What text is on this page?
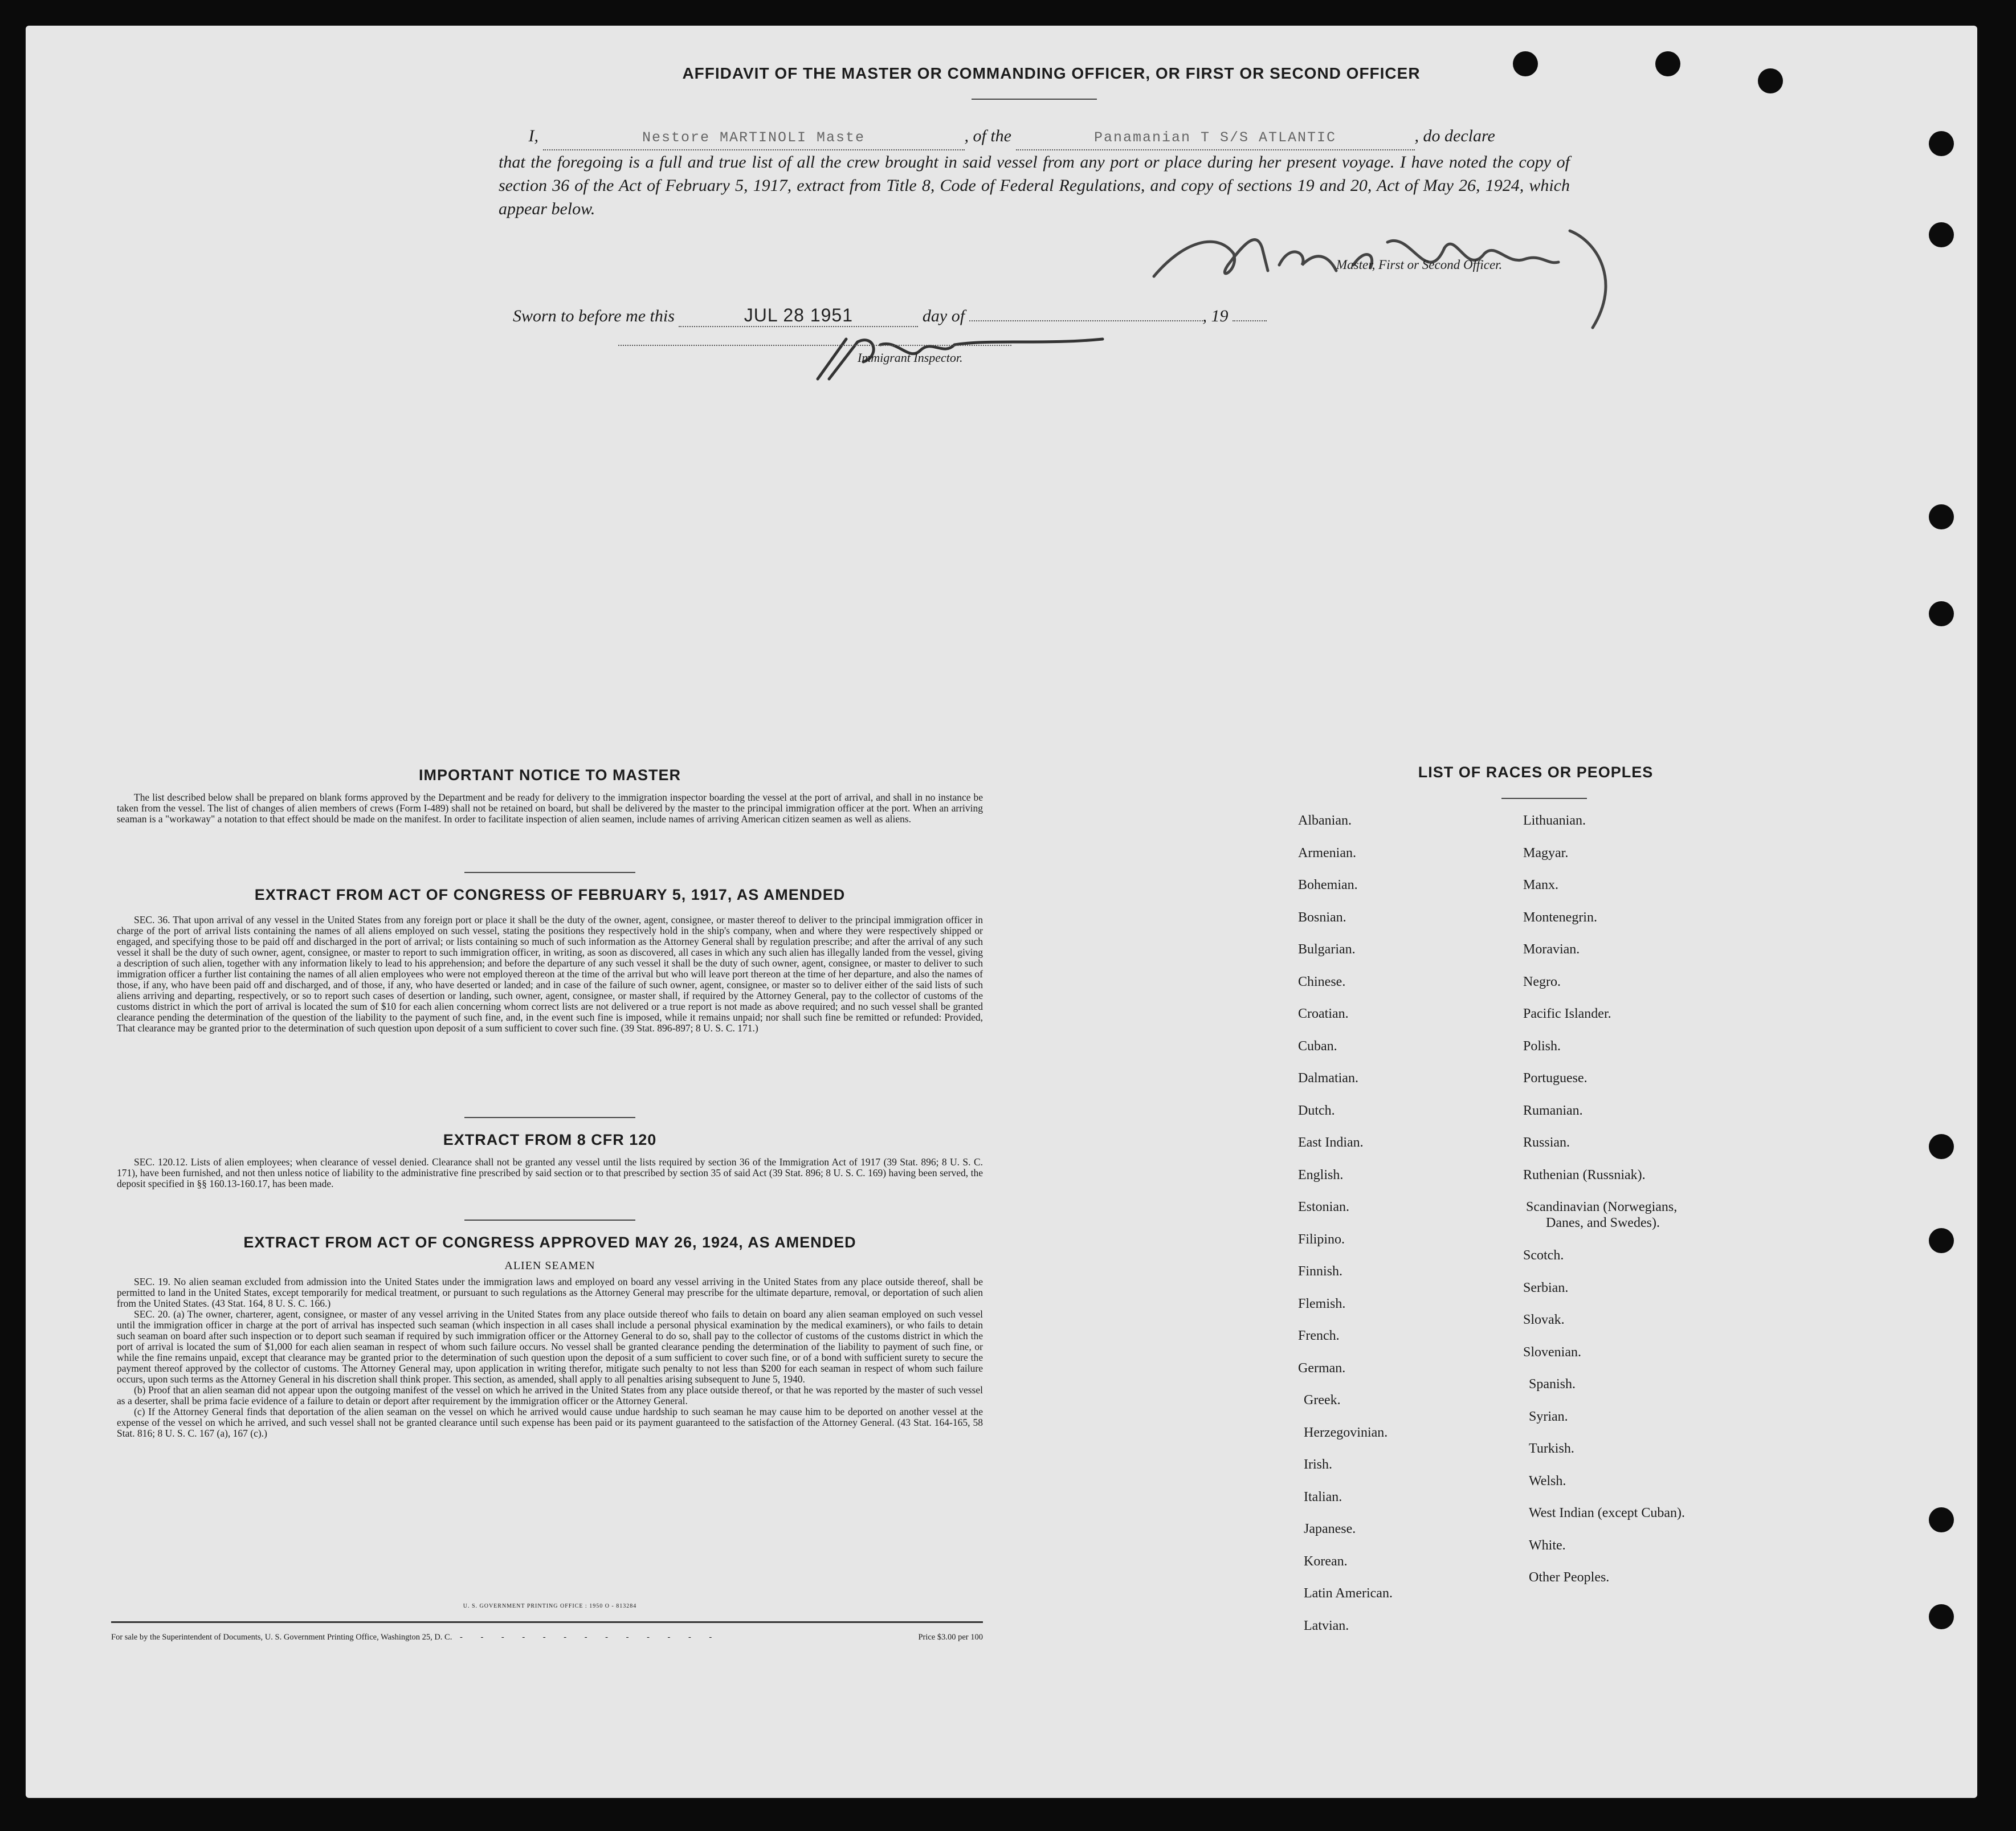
AFFIDAVIT OF THE MASTER OR COMMANDING OFFICER, OR FIRST OR SECOND OFFICER
I,	Nestore MARTINOLI Maste	, of the	Panamanian T S/S ATLANTIC	, do declare
that the foregoing is a full and true list of all the crew brought in said vessel from any port or place during her present voyage. I have noted the copy of section 36 of the Act of February 5, 1917, extract from Title 8, Code of Federal Regulations, and copy of sections 19 and 20, Act of May 26, 1924, which appear below.
Master, First or Second Officer.
Sworn to before me this	JUL 28 1951	day of	, 19
Immigrant Inspector.
IMPORTANT NOTICE TO MASTER

The list described below shall be prepared on blank forms approved by the Department and be ready for delivery to the immigration inspector boarding the vessel at the port of arrival, and shall in no instance be taken from the vessel. The list of changes of alien members of crews (Form I-489) shall not be retained on board, but shall be delivered by the master to the principal immigration officer at the port. When an arriving seaman is a "workaway" a notation to that effect should be made on the manifest. In order to facilitate inspection of alien seamen, include names of arriving American citizen seamen as well as aliens.

EXTRACT FROM ACT OF CONGRESS OF FEBRUARY 5, 1917, AS AMENDED

SEC. 36. That upon arrival of any vessel in the United States from any foreign port or place it shall be the duty of the owner, agent, consignee, or master thereof to deliver to the principal immigration officer in charge of the port of arrival lists containing the names of all aliens employed on such vessel, stating the positions they respectively hold in the ship's company, when and where they were respectively shipped or engaged, and specifying those to be paid off and discharged in the port of arrival; or lists containing so much of such information as the Attorney General shall by regulation prescribe; and after the arrival of any such vessel it shall be the duty of such owner, agent, consignee, or master to report to such immigration officer, in writing, as soon as discovered, all cases in which any such alien has illegally landed from the vessel, giving a description of such alien, together with any information likely to lead to his apprehension; and before the departure of any such vessel it shall be the duty of such owner, agent, consignee, or master to deliver to such immigration officer a further list containing the names of all alien employees who were not employed thereon at the time of the arrival but who will leave port thereon at the time of her departure, and also the names of those, if any, who have been paid off and discharged, and of those, if any, who have deserted or landed; and in case of the failure of such owner, agent, consignee, or master so to deliver either of the said lists of such aliens arriving and departing, respectively, or so to report such cases of desertion or landing, such owner, agent, consignee, or master shall, if required by the Attorney General, pay to the collector of customs of the customs district in which the port of arrival is located the sum of $10 for each alien concerning whom correct lists are not delivered or a true report is not made as above required; and no such vessel shall be granted clearance pending the determination of the question of the liability to the payment of such fine, and, in the event such fine is imposed, while it remains unpaid; nor shall such fine be remitted or refunded: Provided, That clearance may be granted prior to the determination of such question upon deposit of a sum sufficient to cover such fine. (39 Stat. 896-897; 8 U. S. C. 171.)

EXTRACT FROM 8 CFR 120

SEC. 120.12. Lists of alien employees; when clearance of vessel denied. Clearance shall not be granted any vessel until the lists required by section 36 of the Immigration Act of 1917 (39 Stat. 896; 8 U. S. C. 171), have been furnished, and not then unless notice of liability to the administrative fine prescribed by said section or to that prescribed by section 35 of said Act (39 Stat. 896; 8 U. S. C. 169) having been served, the deposit specified in §§ 160.13-160.17, has been made.

EXTRACT FROM ACT OF CONGRESS APPROVED MAY 26, 1924, AS AMENDED
ALIEN SEAMEN

SEC. 19. No alien seaman excluded from admission into the United States under the immigration laws and employed on board any vessel arriving in the United States from any place outside thereof, shall be permitted to land in the United States, except temporarily for medical treatment, or pursuant to such regulations as the Attorney General may prescribe for the ultimate departure, removal, or deportation of such alien from the United States. (43 Stat. 164, 8 U. S. C. 166.)

SEC. 20. (a) The owner, charterer, agent, consignee, or master of any vessel arriving in the United States from any place outside thereof who fails to detain on board any alien seaman employed on such vessel until the immigration officer in charge at the port of arrival has inspected such seaman (which inspection in all cases shall include a personal physical examination by the medical examiners), or who fails to detain such seaman on board after such inspection or to deport such seaman if required by such immigration officer or the Attorney General to do so, shall pay to the collector of customs of the customs district in which the port of arrival is located the sum of $1,000 for each alien seaman in respect of whom such failure occurs. No vessel shall be granted clearance pending the determination of the liability to payment of such fine, or while the fine remains unpaid, except that clearance may be granted prior to the determination of such question upon the deposit of a sum sufficient to cover such fine, or of a bond with sufficient surety to secure the payment thereof approved by the collector of customs. The Attorney General may, upon application in writing therefor, mitigate such penalty to not less than $200 for each seaman in respect of whom such failure occurs, upon such terms as the Attorney General in his discretion shall think proper. This section, as amended, shall apply to all penalties arising subsequent to June 5, 1940.

(b) Proof that an alien seaman did not appear upon the outgoing manifest of the vessel on which he arrived in the United States from any place outside thereof, or that he was reported by the master of such vessel as a deserter, shall be prima facie evidence of a failure to detain or deport after requirement by the immigration officer or the Attorney General.

(c) If the Attorney General finds that deportation of the alien seaman on the vessel on which he arrived would cause undue hardship to such seaman he may cause him to be deported on another vessel at the expense of the vessel on which he arrived, and such vessel shall not be granted clearance until such expense has been paid or its payment guaranteed to the satisfaction of the Attorney General. (43 Stat. 164-165, 58 Stat. 816; 8 U. S. C. 167 (a), 167 (c).)

U. S. GOVERNMENT PRINTING OFFICE : 1950 O - 813284
For sale by the Superintendent of Documents, U. S. Government Printing Office, Washington 25, D. C. - - - - - - - - - - - - -	Price $3.00 per 100
LIST OF RACES OR PEOPLES
Albanian.
Armenian.
Bohemian.
Bosnian.
Bulgarian.
Chinese.
Croatian.
Cuban.
Dalmatian.
Dutch.
East Indian.
English.
Estonian.
Filipino.
Finnish.
Flemish.
French.
German.
Greek.
Herzegovinian.
Irish.
Italian.
Japanese.
Korean.
Latin American.
Latvian.
Lithuanian.
Magyar.
Manx.
Montenegrin.
Moravian.
Negro.
Pacific Islander.
Polish.
Portuguese.
Rumanian.
Russian.
Ruthenian (Russniak).
Scandinavian (Norwegians,
Danes, and Swedes).
Scotch.
Serbian.
Slovak.
Slovenian.
Spanish.
Syrian.
Turkish.
Welsh.
West Indian (except Cuban).
White.
Other Peoples.
